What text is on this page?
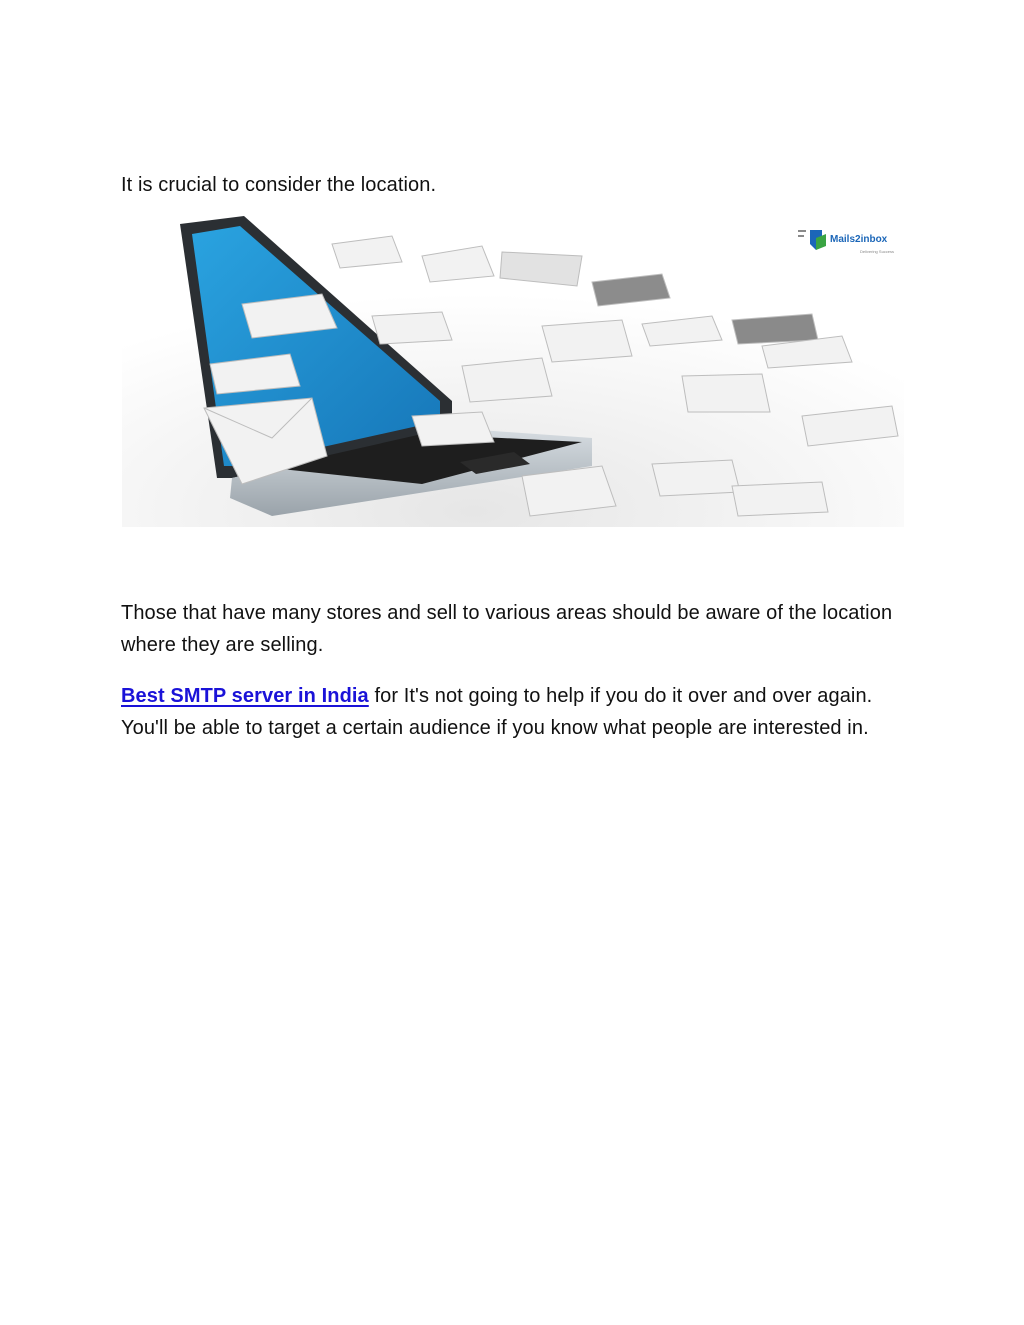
It is crucial to consider the location.

Mails2inbox
Delivering Success

Those that have many stores and sell to various areas should be aware of the location where they are selling.

Best SMTP server in India for It's not going to help if you do it over and over again. You'll be able to target a certain audience if you know what people are interested in.
